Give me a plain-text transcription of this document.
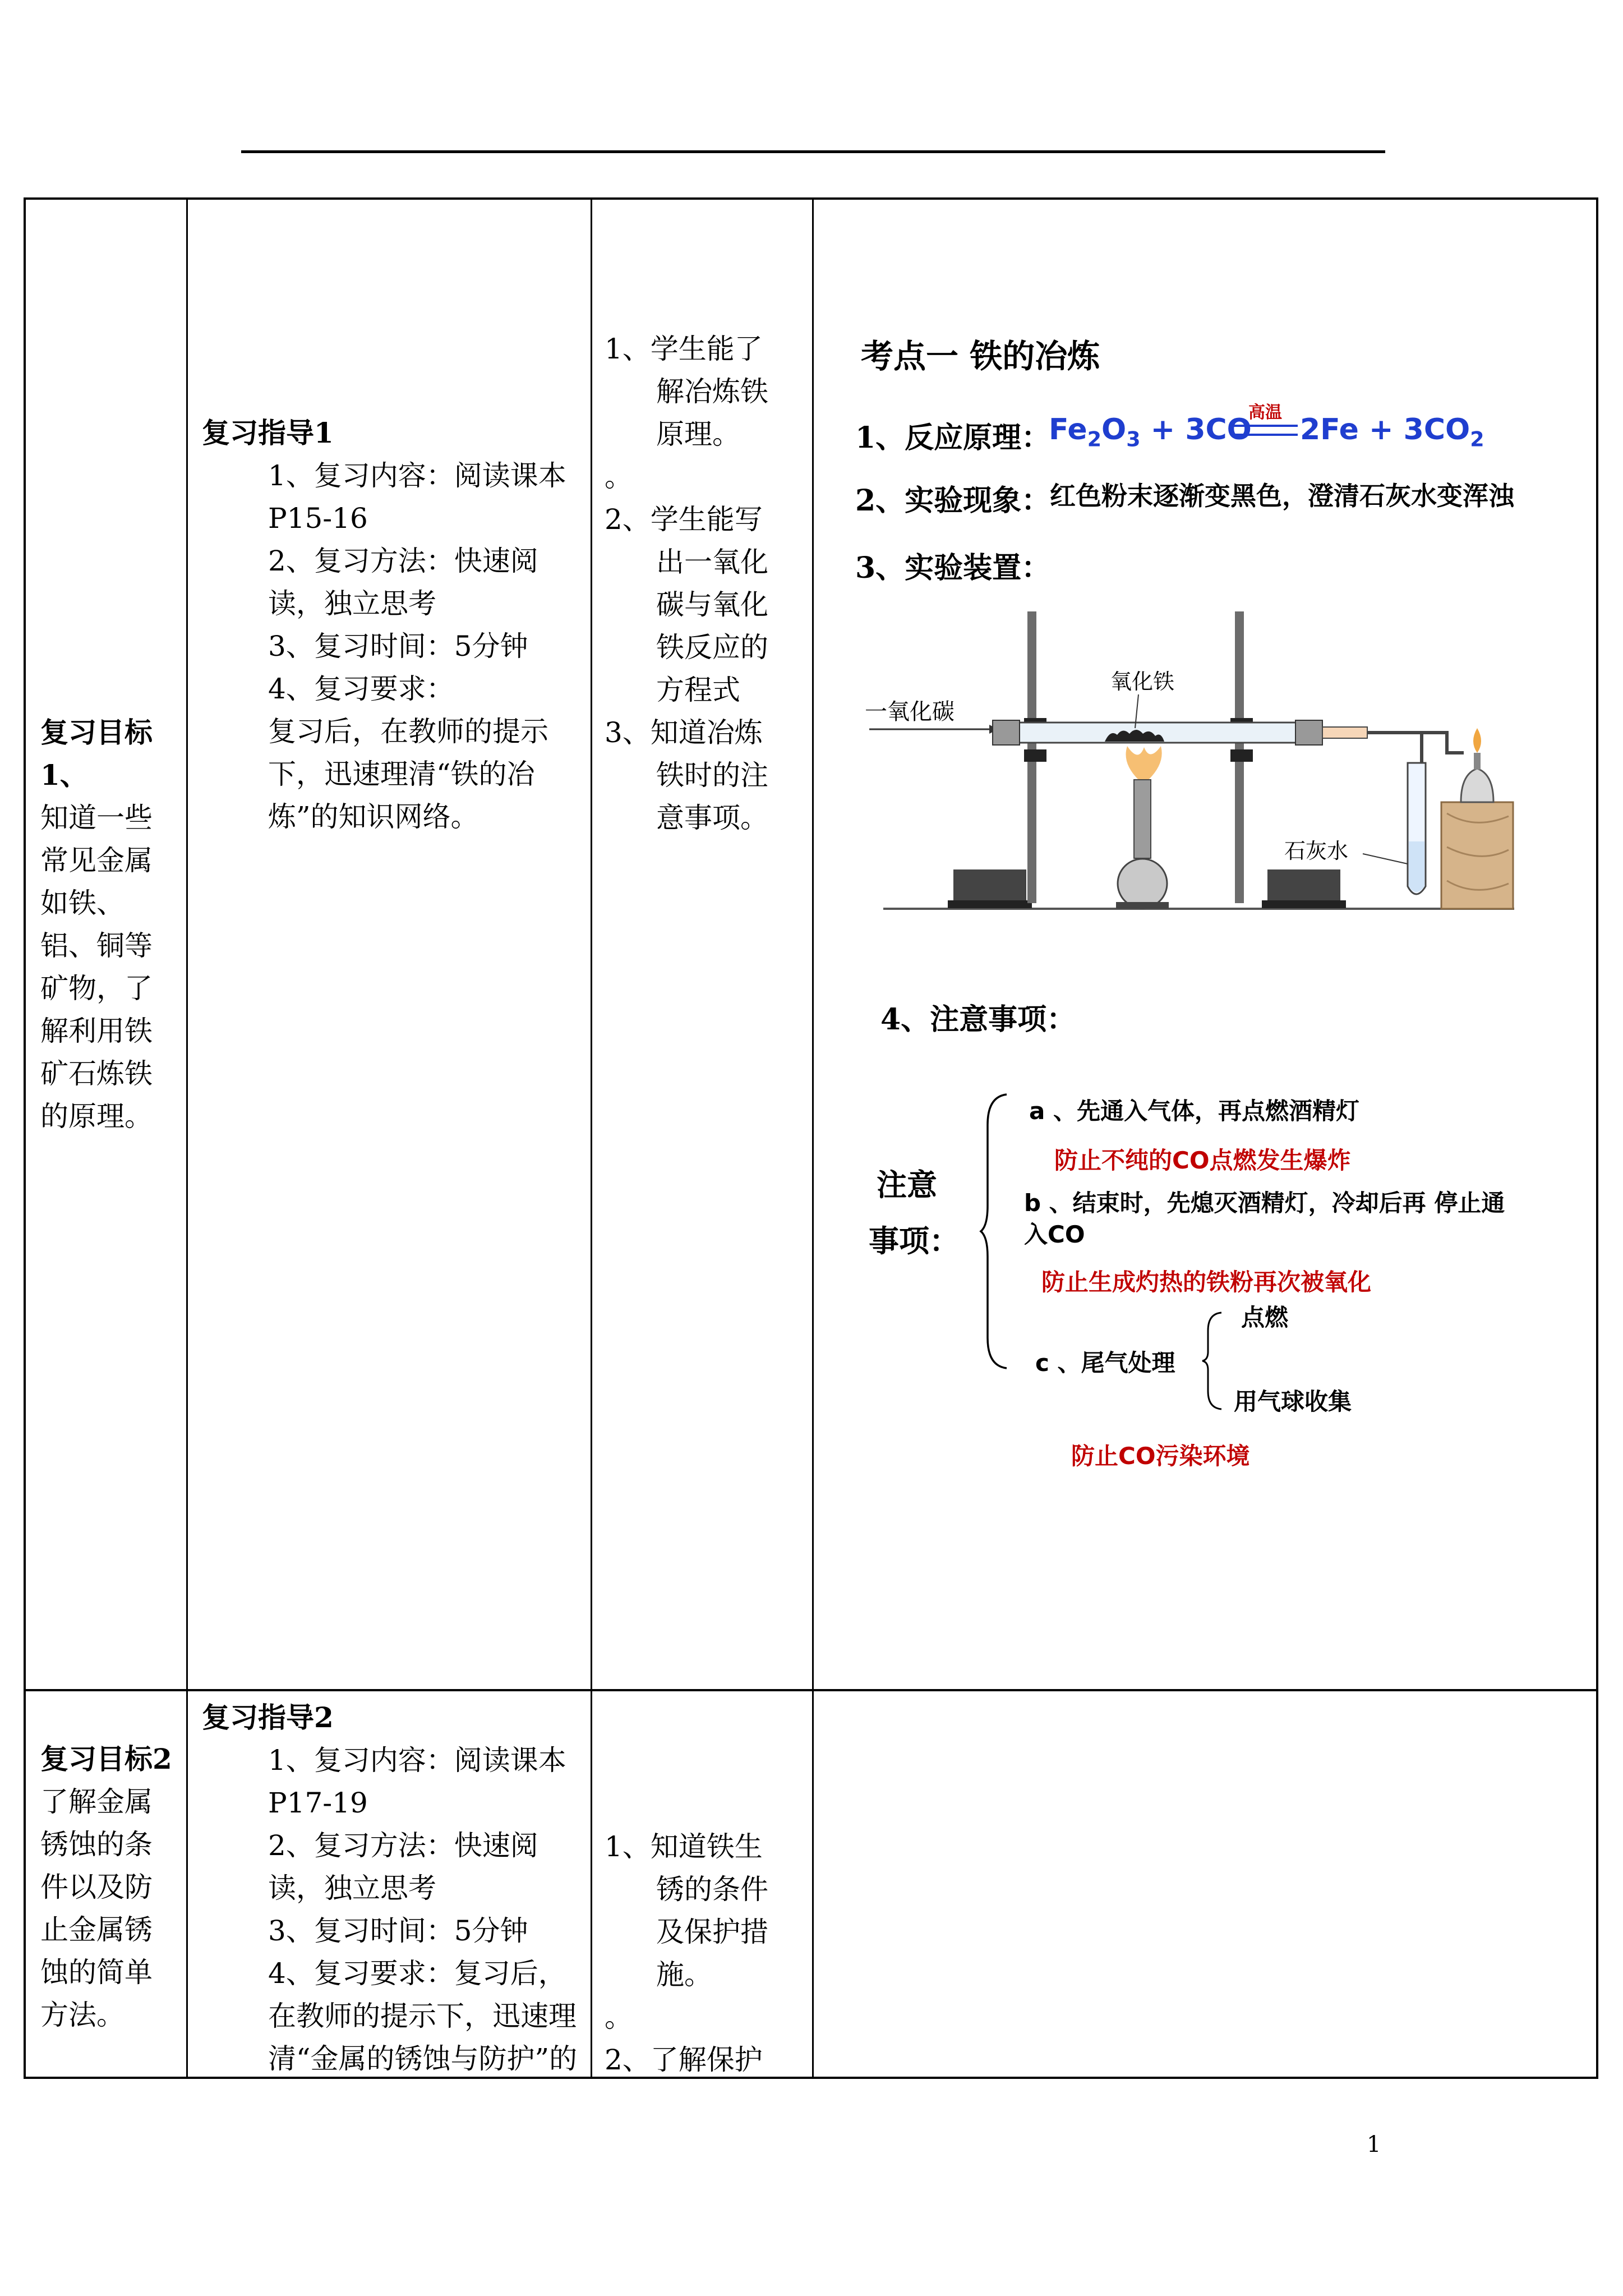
复习目标1、
知道一些常见金属如铁、铝、铜等矿物，了解利用铁矿石炼铁的原理。
复习指导1
1、复习内容：阅读课本P15-16
2、复习方法：快速阅读，独立思考
3、复习时间：5分钟
4、复习要求：
复习后，在教师的提示下，迅速理清“铁的冶炼”的知识网络。
1、学生能了解冶炼铁原理。
。
2、学生能写出一氧化碳与氧化铁反应的方程式
3、知道冶炼铁时的注意事项。
考点一 铁的冶炼
1、反应原理：
$Fe_2O_3 + 3CO$
高温
$2Fe + 3CO_2$
2、实验现象：
红色粉末逐渐变黑色，澄清石灰水变浑浊
3、实验装置：
一氧化碳
氧化铁
石灰水
4、注意事项：
注意
事项：
a 、先通入气体，再点燃酒精灯
防止不纯的CO点燃发生爆炸
b 、结束时，先熄灭酒精灯，冷却后再 停止通
入CO
防止生成灼热的铁粉再次被氧化
点燃
c 、尾气处理
用气球收集
防止CO污染环境
复习目标2
了解金属锈蚀的条件以及防止金属锈蚀的简单方法。
复习指导2
1、复习内容：阅读课本P17-19
2、复习方法：快速阅读，独立思考
3、复习时间：5分钟
4、复习要求：复习后，在教师的提示下，迅速理清“金属的锈蚀与防护”的
1、知道铁生锈的条件及保护措施。
。
2、了解保护
1
